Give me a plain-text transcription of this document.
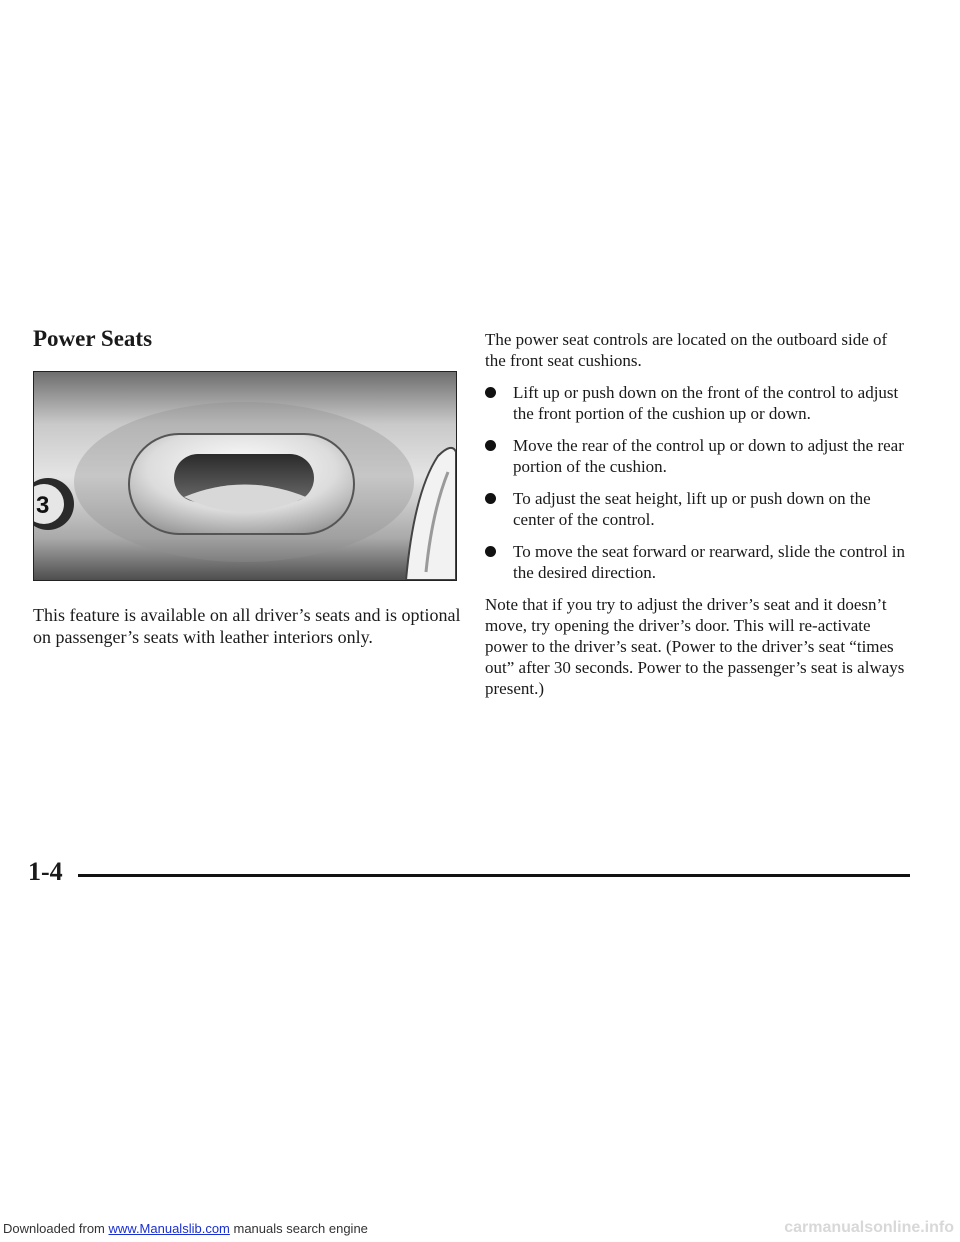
Power Seats
3

This feature is available on all driver’s seats and is optional on passenger’s seats with leather interiors only.

The power seat controls are located on the outboard side of the front seat cushions.

Lift up or push down on the front of the control to adjust the front portion of the cushion up or down.
Move the rear of the control up or down to adjust the rear portion of the cushion.
To adjust the seat height, lift up or push down on the center of the control.
To move the seat forward or rearward, slide the control in the desired direction.

Note that if you try to adjust the driver’s seat and it doesn’t move, try opening the driver’s door. This will re-activate power to the driver’s seat. (Power to the driver’s seat “times out” after 30 seconds. Power to the passenger’s seat is always present.)

1-4
Downloaded from www.Manualslib.com manuals search engine	carmanualsonline.info
